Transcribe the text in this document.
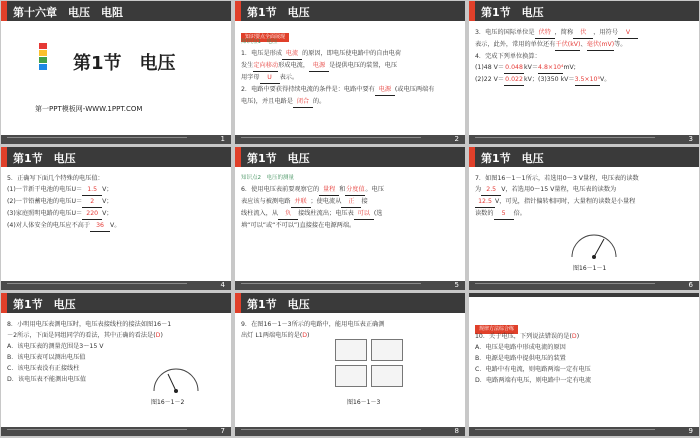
第十六章　电压　电阻
第1节　电压
第一PPT模板网-WWW.1PPT.COM
1
第1节　电压
知识要点全面展现
知识点1　电压
1．电压是形成 电流 的原因，即电压使电路中的自由电荷
发生定向移动形成电流， 电源 是提供电压的装置，电压
用字母 U 表示。
2．电路中要获得持续电流的条件是：电路中要有 电源 (或电压两端有
电压)，并且电路是 闭合 的。
2
第1节　电压
3．电压的国际单位是 伏特 ，简称 伏 ，用符号 V
表示，此外，常用的单位还有千伏(kV)、毫伏(mV)等。
4．完成下列单位换算：
(1)48 V＝0.048kV＝4.8×10⁴mV;
(2)22 V＝0.022kV；(3)350 kV＝3.5×10⁵V。
3
第1节　电压
5．正确写下面几个特殊的电压值：
(1)一节新干电池的电压U＝ 1.5 V；
(2)一节铅蓄电池的电压U＝ 2 V；
(3)家庭照明电路的电压U＝ 220 V；
(4)对人体安全的电压应不高于 36 V。
4
第1节　电压
知识点2　电压的测量
6．使用电压表前要观察它的 量程 和分度值。电压
表应该与被测电路 并联 ；使电流从 正 接
线柱流入，从 负 接线柱流出；电压表 可以 (选
填“可以”或“不可以”)直接接在电源两端。
5
第1节　电压
7．如图16－1－1所示，若选用0～3 V量程，电压表的读数
为 2.5 V，若选用0～15 V量程，电压表的读数为
12.5 V，可见，指针偏转相同时，大量程的读数是小量程
读数的 5 倍。
图16－1－1
6
第1节　电压
8．小明用电压表测电压时，电压表接线柱的接法如图16－1
－2所示，下面是同组同学的看法，其中正确的看法是(D)
A．该电压表的测量范围是3～15 V
B．该电压表可以测出电压值
C．该电压表没有正接线柱
D．该电压表不能测出电压值
图16－1－2
7
第1节　电压
9．在图16－1－3所示的电路中，能用电压表正确测
出灯 L1两端电压的是(D)
图16－1－3
8
规律方法综合练
10．关于电压，下列说法错误的是(D)
A．电压是电路中形成电流的原因
B．电源是电路中提供电压的装置
C．电路中有电流，则电路两端一定有电压
D．电路两端有电压，则电路中一定有电流
9
